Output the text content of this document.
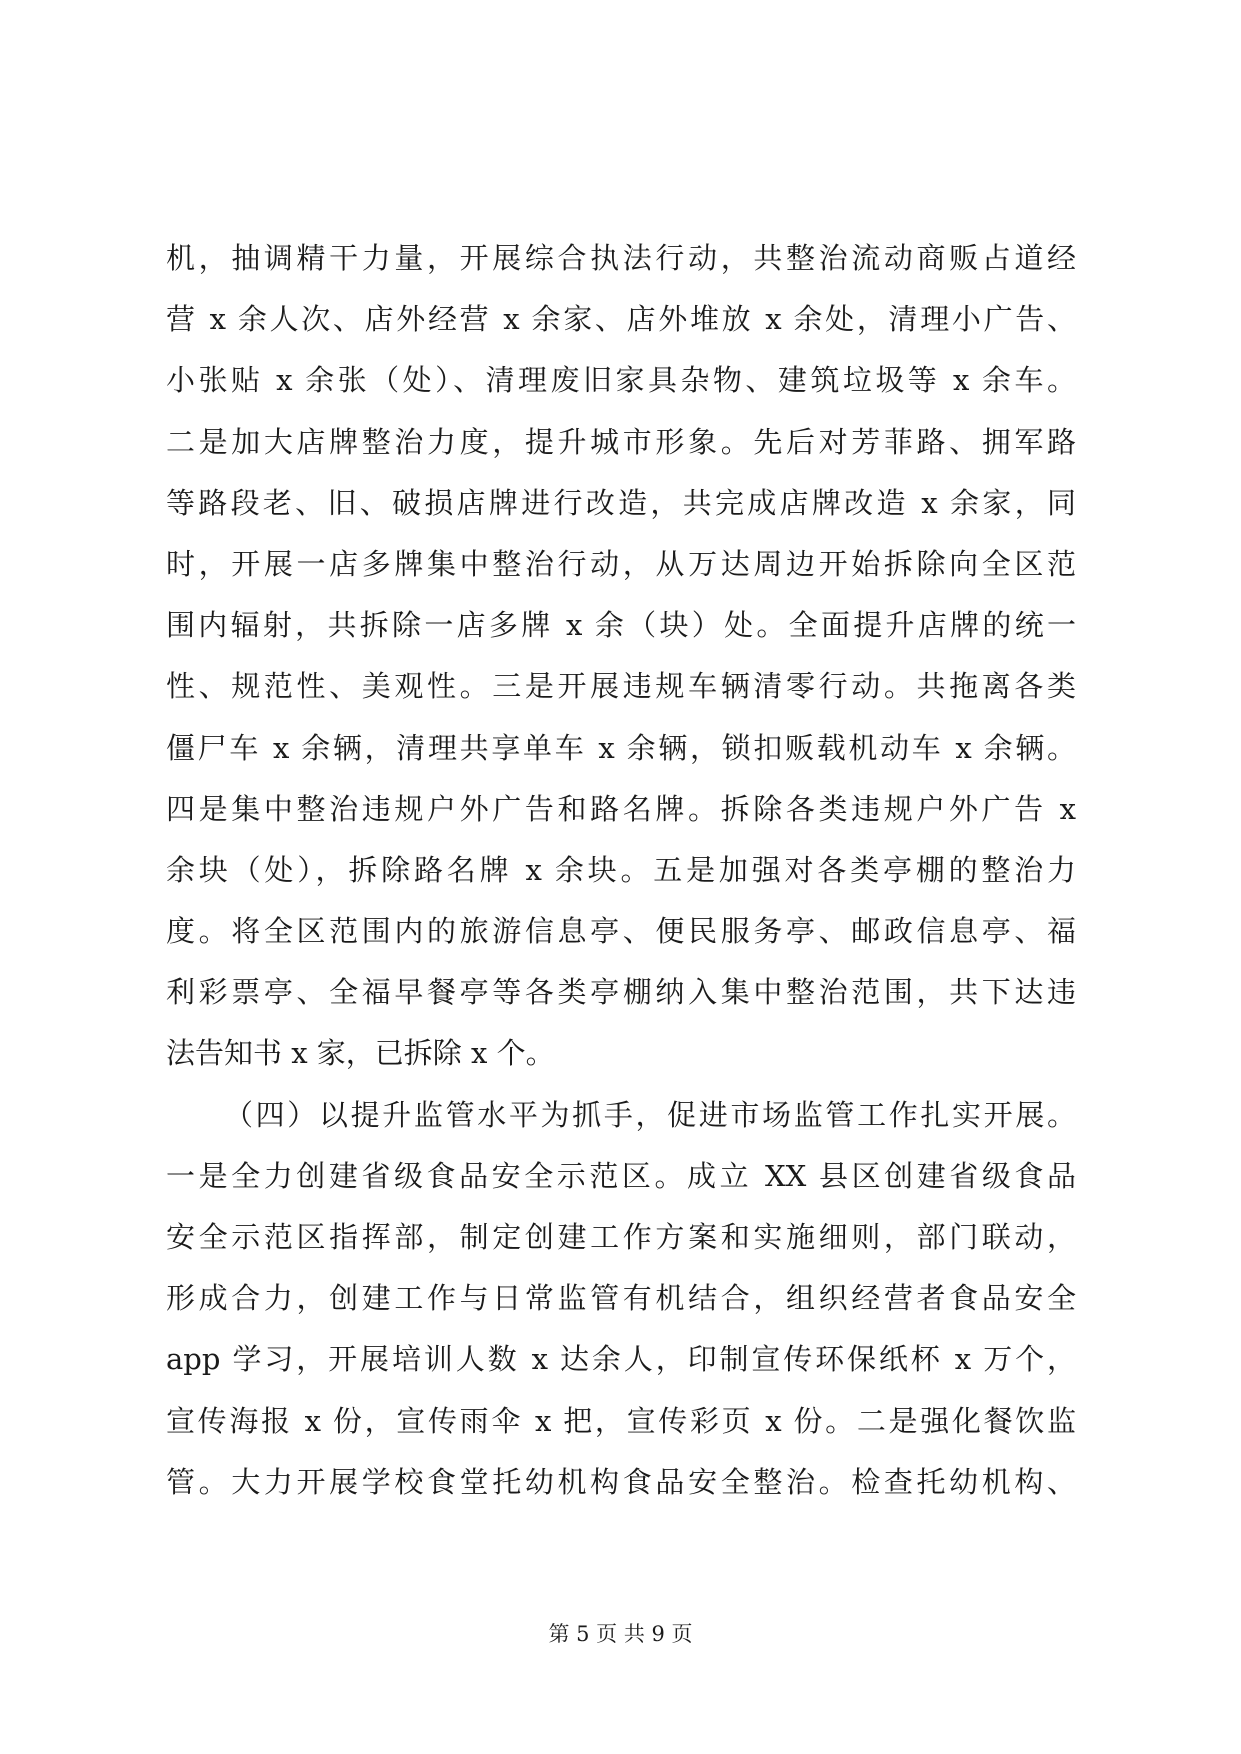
机，抽调精干力量，开展综合执法行动，共整治流动商贩占道经
营 x 余人次、店外经营 x 余家、店外堆放 x 余处，清理小广告、
小张贴 x 余张（处）、清理废旧家具杂物、建筑垃圾等 x 余车。
二是加大店牌整治力度，提升城市形象。先后对芳菲路、拥军路
等路段老、旧、破损店牌进行改造，共完成店牌改造 x 余家，同
时，开展一店多牌集中整治行动，从万达周边开始拆除向全区范
围内辐射，共拆除一店多牌 x 余（块）处。全面提升店牌的统一
性、规范性、美观性。三是开展违规车辆清零行动。共拖离各类
僵尸车 x 余辆，清理共享单车 x 余辆，锁扣贩载机动车 x 余辆。
四是集中整治违规户外广告和路名牌。拆除各类违规户外广告 x
余块（处），拆除路名牌 x 余块。五是加强对各类亭棚的整治力
度。将全区范围内的旅游信息亭、便民服务亭、邮政信息亭、福
利彩票亭、全福早餐亭等各类亭棚纳入集中整治范围，共下达违
法告知书 x 家，已拆除 x 个。
（四）以提升监管水平为抓手，促进市场监管工作扎实开展。
一是全力创建省级食品安全示范区。成立 XX 县区创建省级食品
安全示范区指挥部，制定创建工作方案和实施细则，部门联动，
形成合力，创建工作与日常监管有机结合，组织经营者食品安全
app 学习，开展培训人数 x 达余人，印制宣传环保纸杯 x 万个，
宣传海报 x 份，宣传雨伞 x 把，宣传彩页 x 份。二是强化餐饮监
管。大力开展学校食堂托幼机构食品安全整治。检查托幼机构、
第 5 页 共 9 页
